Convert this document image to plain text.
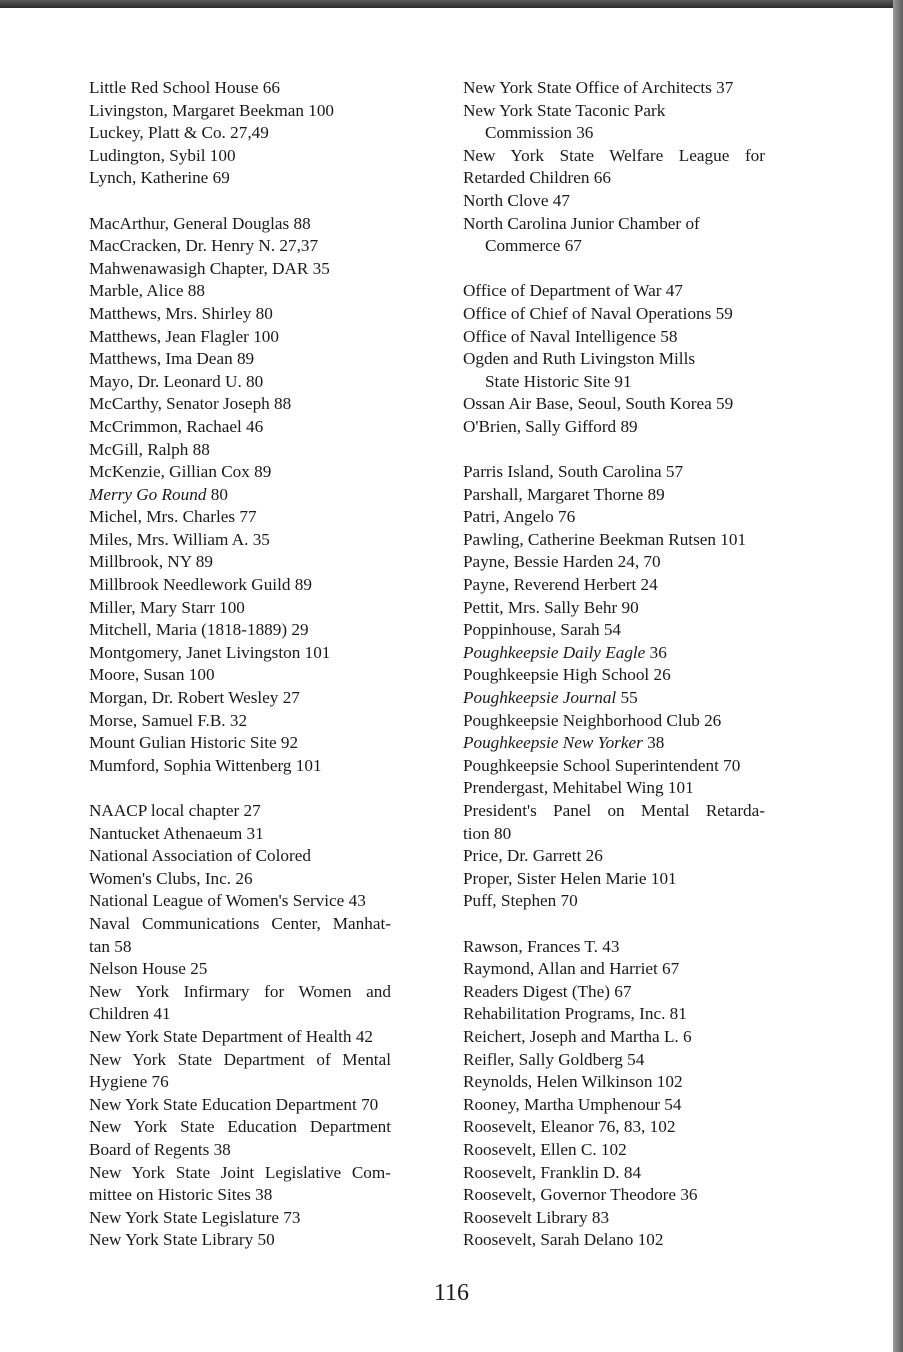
Little Red School House 66
Livingston, Margaret Beekman 100
Luckey, Platt & Co. 27,49
Ludington, Sybil 100
Lynch, Katherine 69
MacArthur, General Douglas 88
MacCracken, Dr. Henry N. 27,37
Mahwenawasigh Chapter, DAR 35
Marble, Alice 88
Matthews, Mrs. Shirley 80
Matthews, Jean Flagler 100
Matthews, Ima Dean 89
Mayo, Dr. Leonard U. 80
McCarthy, Senator Joseph 88
McCrimmon, Rachael 46
McGill, Ralph 88
McKenzie, Gillian Cox 89
Merry Go Round 80
Michel, Mrs. Charles 77
Miles, Mrs. William A. 35
Millbrook, NY 89
Millbrook Needlework Guild 89
Miller, Mary Starr 100
Mitchell, Maria (1818-1889) 29
Montgomery, Janet Livingston 101
Moore, Susan 100
Morgan, Dr. Robert Wesley 27
Morse, Samuel F.B. 32
Mount Gulian Historic Site 92
Mumford, Sophia Wittenberg 101
NAACP local chapter 27
Nantucket Athenaeum 31
National Association of Colored
Women's Clubs, Inc. 26
National League of Women's Service 43
Naval Communications Center, Manhat-
tan 58
Nelson House 25
New York Infirmary for Women and
Children 41
New York State Department of Health 42
New York State Department of Mental
Hygiene 76
New York State Education Department 70
New York State Education Department
Board of Regents 38
New York State Joint Legislative Com-
mittee on Historic Sites 38
New York State Legislature 73
New York State Library 50
New York State Office of Architects 37
New York State Taconic Park
Commission 36
New York State Welfare League for
Retarded Children 66
North Clove 47
North Carolina Junior Chamber of
Commerce 67
Office of Department of War 47
Office of Chief of Naval Operations 59
Office of Naval Intelligence 58
Ogden and Ruth Livingston Mills
State Historic Site 91
Ossan Air Base, Seoul, South Korea 59
O'Brien, Sally Gifford 89
Parris Island, South Carolina 57
Parshall, Margaret Thorne 89
Patri, Angelo 76
Pawling, Catherine Beekman Rutsen 101
Payne, Bessie Harden 24, 70
Payne, Reverend Herbert 24
Pettit, Mrs. Sally Behr 90
Poppinhouse, Sarah 54
Poughkeepsie Daily Eagle 36
Poughkeepsie High School 26
Poughkeepsie Journal 55
Poughkeepsie Neighborhood Club 26
Poughkeepsie New Yorker 38
Poughkeepsie School Superintendent 70
Prendergast, Mehitabel Wing 101
President's Panel on Mental Retarda-
tion 80
Price, Dr. Garrett 26
Proper, Sister Helen Marie 101
Puff, Stephen 70
Rawson, Frances T. 43
Raymond, Allan and Harriet 67
Readers Digest (The) 67
Rehabilitation Programs, Inc. 81
Reichert, Joseph and Martha L. 6
Reifler, Sally Goldberg 54
Reynolds, Helen Wilkinson 102
Rooney, Martha Umphenour 54
Roosevelt, Eleanor 76, 83, 102
Roosevelt, Ellen C. 102
Roosevelt, Franklin D. 84
Roosevelt, Governor Theodore 36
Roosevelt Library 83
Roosevelt, Sarah Delano 102
116
